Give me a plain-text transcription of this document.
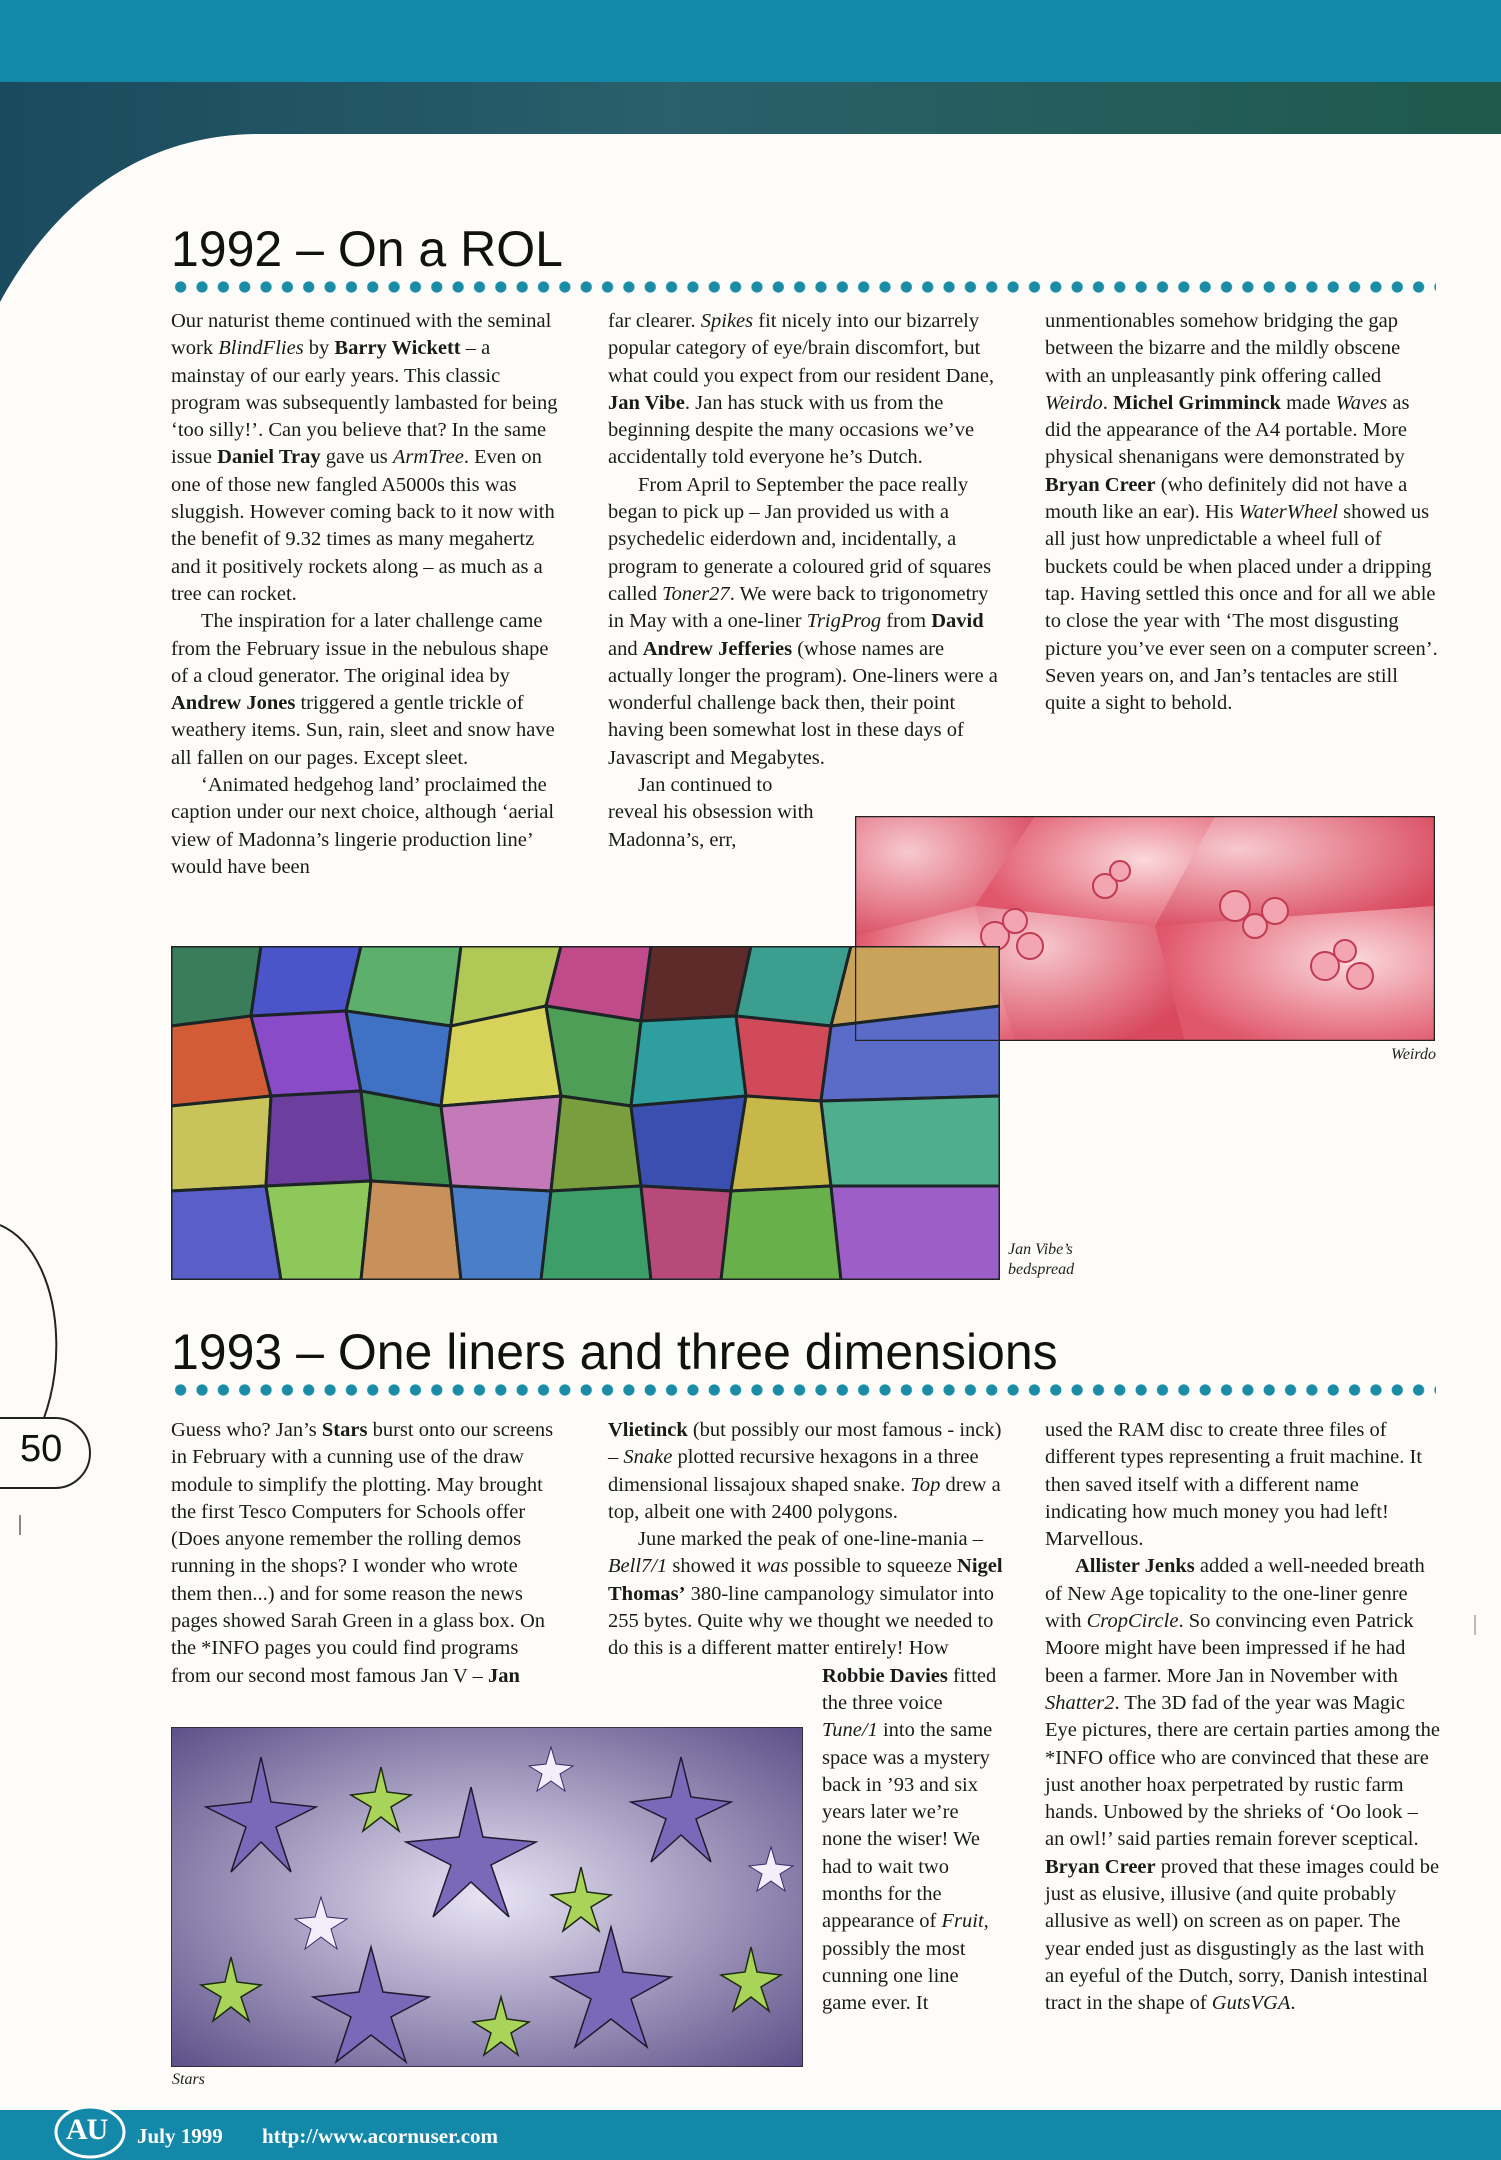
50
1992 – On a ROL

Our naturist theme continued with the seminal work BlindFlies by Barry Wickett – a mainstay of our early years. This classic program was subsequently lambasted for being ‘too silly!’. Can you believe that? In the same issue Daniel Tray gave us ArmTree. Even on one of those new fangled A5000s this was sluggish. However coming back to it now with the benefit of 9.32 times as many megahertz and it positively rockets along – as much as a tree can rocket.

The inspiration for a later challenge came from the February issue in the nebulous shape of a cloud generator. The original idea by Andrew Jones triggered a gentle trickle of weathery items. Sun, rain, sleet and snow have all fallen on our pages. Except sleet.

‘Animated hedgehog land’ proclaimed the caption under our next choice, although ‘aerial view of Madonna’s lingerie production line’ would have been

far clearer. Spikes fit nicely into our bizarrely popular category of eye/brain discomfort, but what could you expect from our resident Dane, Jan Vibe. Jan has stuck with us from the beginning despite the many occasions we’ve accidentally told everyone he’s Dutch.

From April to September the pace really began to pick up – Jan provided us with a psychedelic eiderdown and, incidentally, a program to generate a coloured grid of squares called Toner27. We were back to trigonometry in May with a one-liner TrigProg from David and Andrew Jefferies (whose names are actually longer the program). One-liners were a wonderful challenge back then, their point having been somewhat lost in these days of Javascript and Megabytes.

Jan continued to reveal his obsession with Madonna’s, err,

unmentionables somehow bridging the gap between the bizarre and the mildly obscene with an unpleasantly pink offering called Weirdo. Michel Grimminck made Waves as did the appearance of the A4 portable. More physical shenanigans were demonstrated by Bryan Creer (who definitely did not have a mouth like an ear). His WaterWheel showed us all just how unpredictable a wheel full of buckets could be when placed under a dripping tap. Having settled this once and for all we able to close the year with ‘The most disgusting picture you’ve ever seen on a computer screen’. Seven years on, and Jan’s tentacles are still quite a sight to behold.

Weirdo
Jan Vibe’s
bedspread
1993 – One liners and three dimensions

Guess who? Jan’s Stars burst onto our screens in February with a cunning use of the draw module to simplify the plotting. May brought the first Tesco Computers for Schools offer (Does anyone remember the rolling demos running in the shops? I wonder who wrote them then...) and for some reason the news pages showed Sarah Green in a glass box. On the *INFO pages you could find programs from our second most famous Jan V – Jan

Vlietinck (but possibly our most famous - inck) – Snake plotted recursive hexagons in a three dimensional lissajoux shaped snake. Top drew a top, albeit one with 2400 polygons.

June marked the peak of one-line-mania – Bell7/1 showed it was possible to squeeze Nigel Thomas’ 380-line campanology simulator into 255 bytes. Quite why we thought we needed to do this is a different matter entirely! How

Robbie Davies fitted the three voice Tune/1 into the same space was a mystery back in ’93 and six years later we’re none the wiser! We had to wait two months for the appearance of Fruit, possibly the most cunning one line game ever. It

used the RAM disc to create three files of different types representing a fruit machine. It then saved itself with a different name indicating how much money you had left! Marvellous.

Allister Jenks added a well-needed breath of New Age topicality to the one-liner genre with CropCircle. So convincing even Patrick Moore might have been impressed if he had been a farmer. More Jan in November with Shatter2. The 3D fad of the year was Magic Eye pictures, there are certain parties among the *INFO office who are convinced that these are just another hoax perpetrated by rustic farm hands. Unbowed by the shrieks of ‘Oo look – an owl!’ said parties remain forever sceptical. Bryan Creer proved that these images could be just as elusive, illusive (and quite probably allusive as well) on screen as on paper. The year ended just as disgustingly as the last with an eyeful of the Dutch, sorry, Danish intestinal tract in the shape of GutsVGA.

Stars
AU July 1999 http://www.acornuser.com
